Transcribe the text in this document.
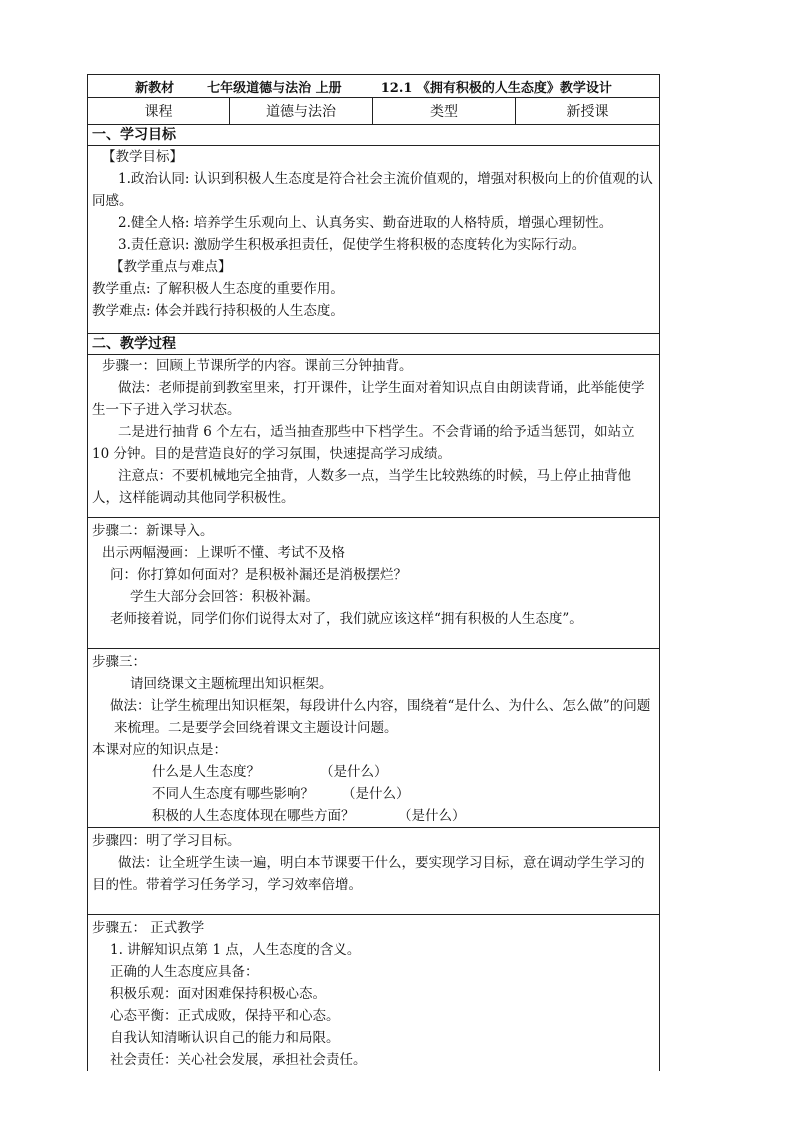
新教材	七年级道德与法治 上册	12.1 《拥有积极的人生态度》教学设计
课程	道德与法治	类型	新授课
一、学习目标

【教学目标】

1.政治认同: 认识到积极人生态度是符合社会主流价值观的，增强对积极向上的价值观的认同感。

2.健全人格: 培养学生乐观向上、认真务实、勤奋进取的人格特质，增强心理韧性。

3.责任意识: 激励学生积极承担责任，促使学生将积极的态度转化为实际行动。

【教学重点与难点】

教学重点: 了解积极人生态度的重要作用。

教学难点: 体会并践行持积极的人生态度。

二、教学过程

步骤一：回顾上节课所学的内容。课前三分钟抽背。

做法：老师提前到教室里来，打开课件，让学生面对着知识点自由朗读背诵，此举能使学生一下子进入学习状态。

二是进行抽背 6 个左右，适当抽查那些中下档学生。不会背诵的给予适当惩罚，如站立 10 分钟。目的是营造良好的学习氛围，快速提高学习成绩。

注意点：不要机械地完全抽背，人数多一点，当学生比较熟练的时候，马上停止抽背他人，这样能调动其他同学积极性。

步骤二：新课导入。

出示两幅漫画：上课听不懂、考试不及格

问：你打算如何面对？是积极补漏还是消极摆烂？

学生大部分会回答：积极补漏。

老师接着说，同学们你们说得太对了，我们就应该这样“拥有积极的人生态度”。

步骤三：

请回绕课文主题梳理出知识框架。

做法：让学生梳理出知识框架，每段讲什么内容，围绕着“是什么、为什么、怎么做”的问题来梳理。二是要学会回绕着课文主题设计问题。

本课对应的知识点是：

什么是人生态度？	（是什么）

不同人生态度有哪些影响？ （是什么）

积极的人生态度体现在哪些方面？	（是什么）

步骤四：明了学习目标。

做法：让全班学生读一遍，明白本节课要干什么，要实现学习目标，意在调动学生学习的目的性。带着学习任务学习，学习效率倍增。

步骤五： 正式教学

1. 讲解知识点第 1 点，人生态度的含义。

正确的人生态度应具备：

积极乐观：面对困难保持积极心态。

心态平衡：正式成败，保持平和心态。

自我认知清晰认识自己的能力和局限。

社会责任：关心社会发展，承担社会责任。
